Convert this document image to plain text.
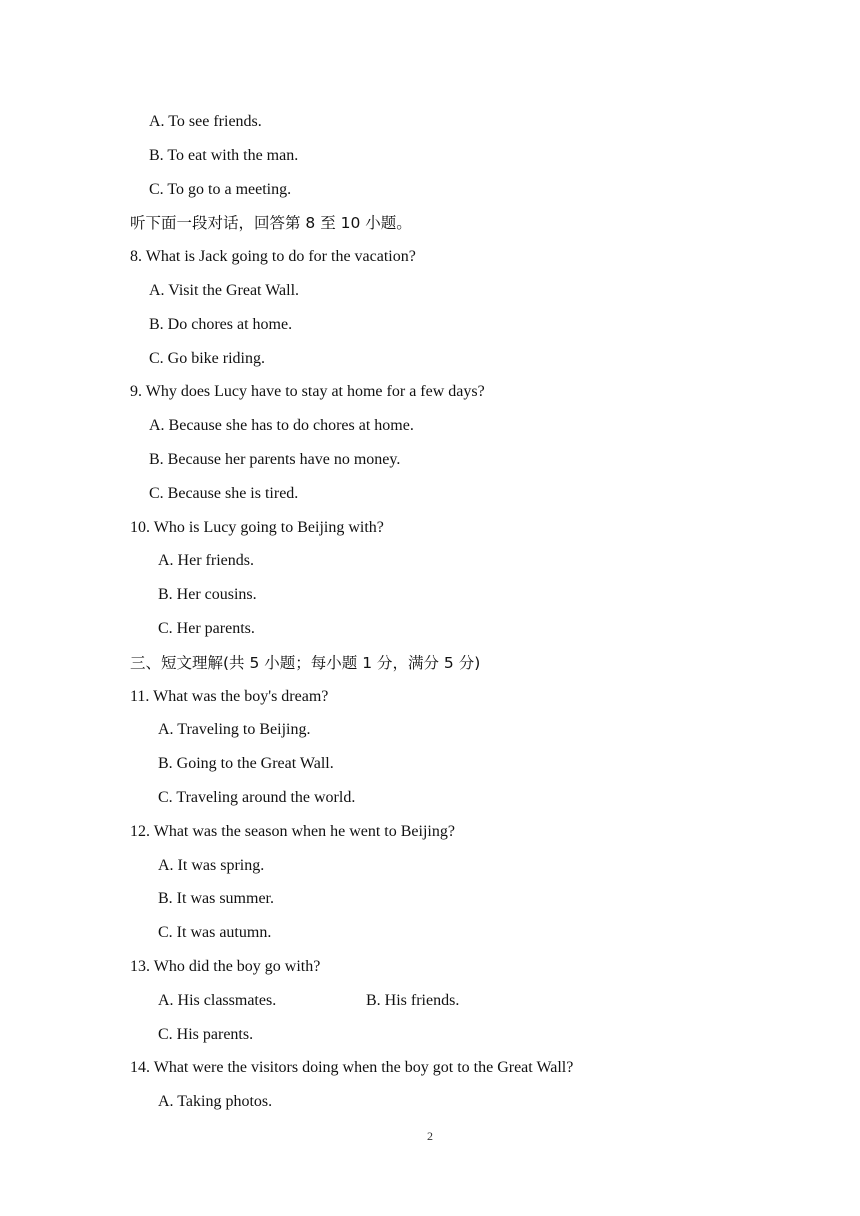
A. To see friends.
B. To eat with the man.
C. To go to a meeting.
听下面一段对话，回答第 8 至 10 小题。
8. What is Jack going to do for the vacation?
A. Visit the Great Wall.
B. Do chores at home.
C. Go bike riding.
9. Why does Lucy have to stay at home for a few days?
A. Because she has to do chores at home.
B. Because her parents have no money.
C. Because she is tired.
10. Who is Lucy going to Beijing with?
A. Her friends.
B. Her cousins.
C. Her parents.
三、短文理解(共 5 小题；每小题 1 分，满分 5 分)
11. What was the boy's dream?
A. Traveling to Beijing.
B. Going to the Great Wall.
C. Traveling around the world.
12. What was the season when he went to Beijing?
A. It was spring.
B. It was summer.
C. It was autumn.
13. Who did the boy go with?
A. His classmates.	B. His friends.
C. His parents.
14. What were the visitors doing when the boy got to the Great Wall?
A. Taking photos.
2
